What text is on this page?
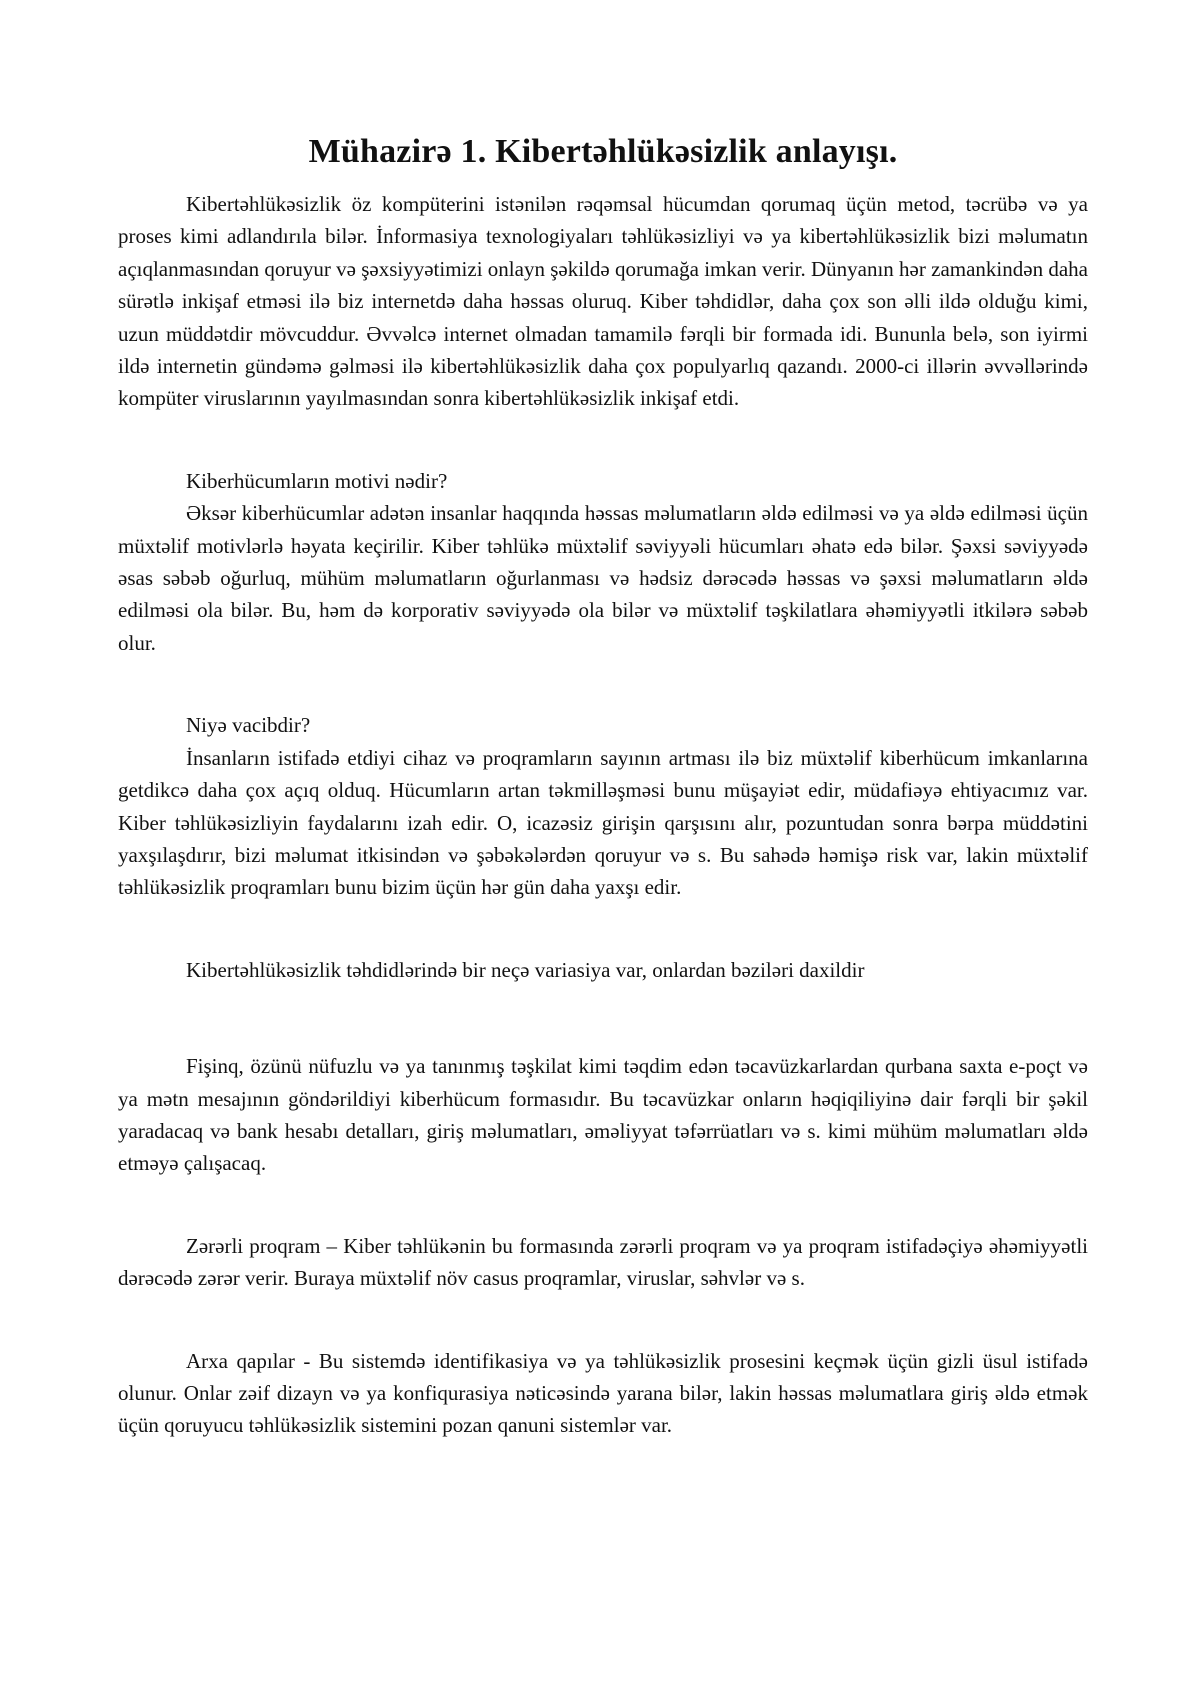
Mühazirə 1. Kibertəhlükəsizlik anlayışı.

Kibertəhlükəsizlik öz kompüterini istənilən rəqəmsal hücumdan qorumaq üçün metod, təcrübə və ya proses kimi adlandırıla bilər. İnformasiya texnologiyaları təhlükəsizliyi və ya kibertəhlükəsizlik bizi məlumatın açıqlanmasından qoruyur və şəxsiyyətimizi onlayn şəkildə qorumağa imkan verir. Dünyanın hər zamankindən daha sürətlə inkişaf etməsi ilə biz internetdə daha həssas oluruq. Kiber təhdidlər, daha çox son əlli ildə olduğu kimi, uzun müddətdir mövcuddur. Əvvəlcə internet olmadan tamamilə fərqli bir formada idi. Bununla belə, son iyirmi ildə internetin gündəmə gəlməsi ilə kibertəhlükəsizlik daha çox populyarlıq qazandı. 2000-ci illərin əvvəllərində kompüter viruslarının yayılmasından sonra kibertəhlükəsizlik inkişaf etdi.

Kiberhücumların motivi nədir?

Əksər kiberhücumlar adətən insanlar haqqında həssas məlumatların əldə edilməsi və ya əldə edilməsi üçün müxtəlif motivlərlə həyata keçirilir. Kiber təhlükə müxtəlif səviyyəli hücumları əhatə edə bilər. Şəxsi səviyyədə əsas səbəb oğurluq, mühüm məlumatların oğurlanması və hədsiz dərəcədə həssas və şəxsi məlumatların əldə edilməsi ola bilər. Bu, həm də korporativ səviyyədə ola bilər və müxtəlif təşkilatlara əhəmiyyətli itkilərə səbəb olur.

Niyə vacibdir?

İnsanların istifadə etdiyi cihaz və proqramların sayının artması ilə biz müxtəlif kiberhücum imkanlarına getdikcə daha çox açıq olduq. Hücumların artan təkmilləşməsi bunu müşayiət edir, müdafiəyə ehtiyacımız var. Kiber təhlükəsizliyin faydalarını izah edir. O, icazəsiz girişin qarşısını alır, pozuntudan sonra bərpa müddətini yaxşılaşdırır, bizi məlumat itkisindən və şəbəkələrdən qoruyur və s. Bu sahədə həmişə risk var, lakin müxtəlif təhlükəsizlik proqramları bunu bizim üçün hər gün daha yaxşı edir.

Kibertəhlükəsizlik təhdidlərində bir neçə variasiya var, onlardan bəziləri daxildir

Fişinq, özünü nüfuzlu və ya tanınmış təşkilat kimi təqdim edən təcavüzkarlardan qurbana saxta e-poçt və ya mətn mesajının göndərildiyi kiberhücum formasıdır. Bu təcavüzkar onların həqiqiliyinə dair fərqli bir şəkil yaradacaq və bank hesabı detalları, giriş məlumatları, əməliyyat təfərrüatları və s. kimi mühüm məlumatları əldə etməyə çalışacaq.

Zərərli proqram – Kiber təhlükənin bu formasında zərərli proqram və ya proqram istifadəçiyə əhəmiyyətli dərəcədə zərər verir. Buraya müxtəlif növ casus proqramlar, viruslar, səhvlər və s.

Arxa qapılar - Bu sistemdə identifikasiya və ya təhlükəsizlik prosesini keçmək üçün gizli üsul istifadə olunur. Onlar zəif dizayn və ya konfiqurasiya nəticəsində yarana bilər, lakin həssas məlumatlara giriş əldə etmək üçün qoruyucu təhlükəsizlik sistemini pozan qanuni sistemlər var.
